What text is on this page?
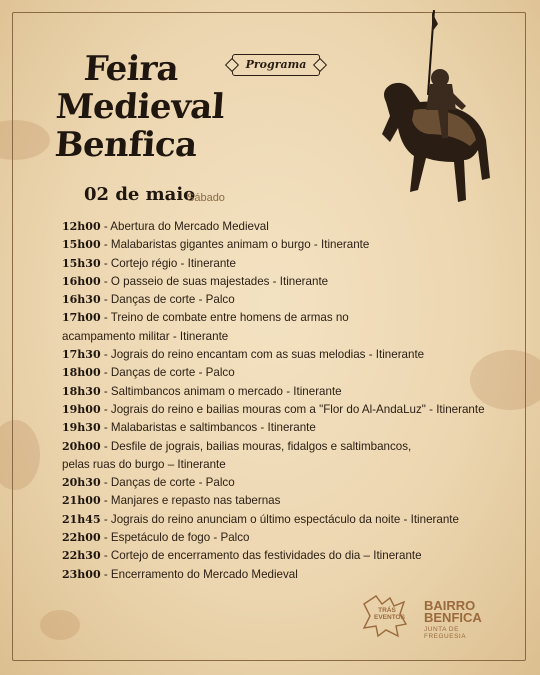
Feira
Medieval
Benfica
Programa
02 de maio
Sábado
12h00 - Abertura do Mercado Medieval
15h00 - Malabaristas gigantes animam o burgo - Itinerante
15h30 - Cortejo régio - Itinerante
16h00 - O passeio de suas majestades - Itinerante
16h30 - Danças de corte - Palco
17h00 - Treino de combate entre homens de armas no acampamento militar - Itinerante
17h30 - Jograis do reino encantam com as suas melodias - Itinerante
18h00 - Danças de corte - Palco
18h30 - Saltimbancos animam o mercado - Itinerante
19h00 - Jograis do reino e bailias mouras com a "Flor do Al-AndaLuz" - Itinerante
19h30 - Malabaristas e saltimbancos - Itinerante
20h00 - Desfile de jograis, bailias mouras, fidalgos e saltimbancos, pelas ruas do burgo – Itinerante
20h30 - Danças de corte - Palco
21h00 - Manjares e repasto nas tabernas
21h45 - Jograis do reino anunciam o último espectáculo da noite - Itinerante
22h00 - Espetáculo de fogo - Palco
22h30 - Cortejo de encerramento das festividades do dia – Itinerante
23h00 - Encerramento do Mercado Medieval
TRÁS EVENTOS
BAIRRO
BENFICA
JUNTA DE FREGUESIA
